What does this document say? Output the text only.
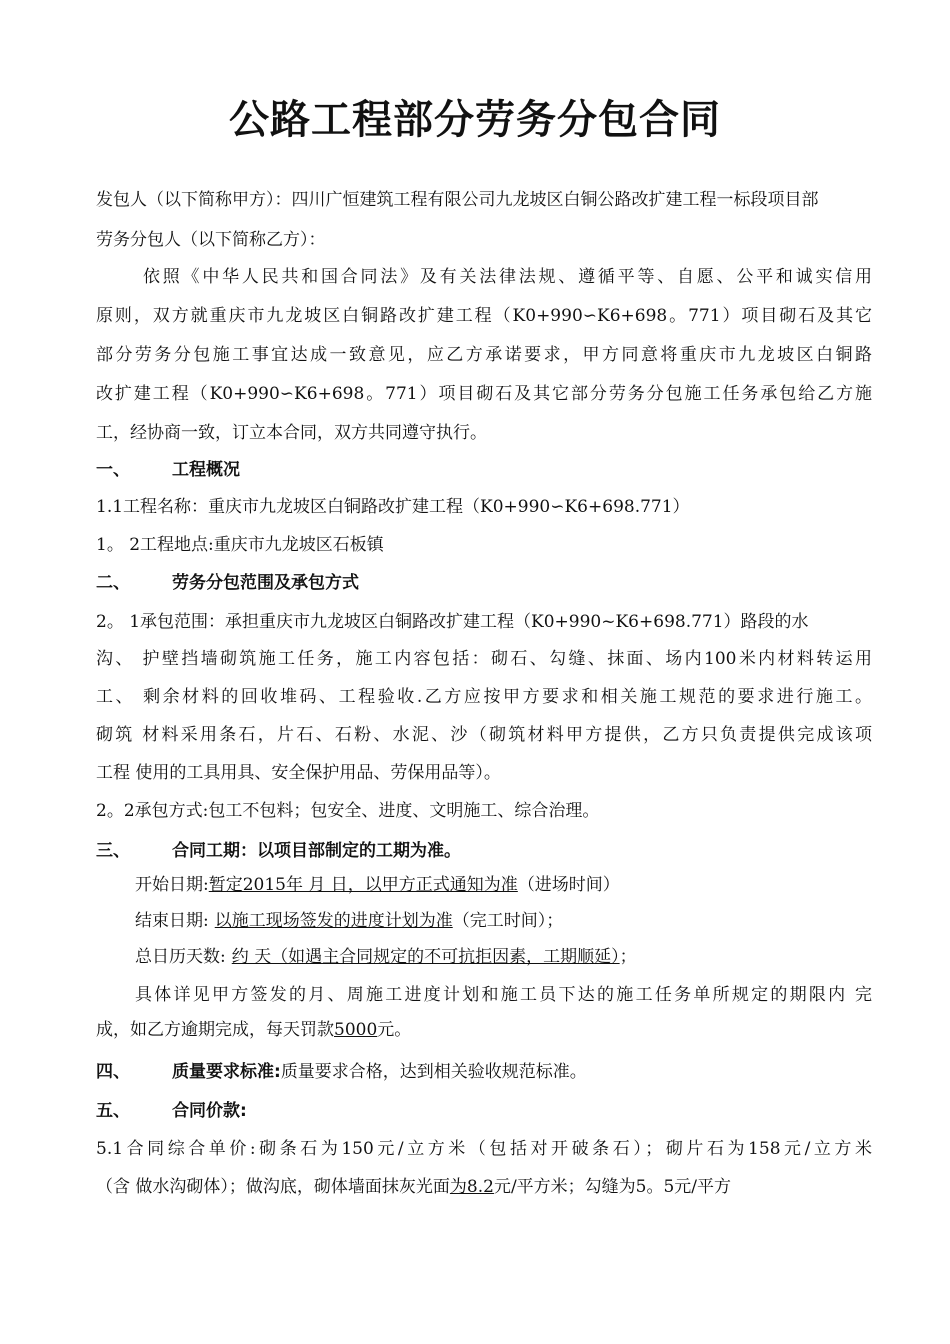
公路工程部分劳务分包合同
发包人（以下简称甲方）：四川广恒建筑工程有限公司九龙坡区白铜公路改扩建工程一标段项目部
劳务分包人（以下简称乙方）：
依照《中华人民共和国合同法》及有关法律法规、遵循平等、自愿、公平和诚实信用
原则，双方就重庆市九龙坡区白铜路改扩建工程（K0+990∽K6+698。771）项目砌石及其它
部分劳务分包施工事宜达成一致意见，应乙方承诺要求，甲方同意将重庆市九龙坡区白铜路
改扩建工程（K0+990∽K6+698。771）项目砌石及其它部分劳务分包施工任务承包给乙方施
工，经协商一致，订立本合同，双方共同遵守执行。
一、 工程概况
1.1工程名称：重庆市九龙坡区白铜路改扩建工程（K0+990∽K6+698.771）
1。 2工程地点:重庆市九龙坡区石板镇
二、 劳务分包范围及承包方式
2。 1承包范围：承担重庆市九龙坡区白铜路改扩建工程（K0+990~K6+698.771）路段的水
沟、 护壁挡墙砌筑施工任务，施工内容包括：砌石、勾缝、抹面、场内100米内材料转运用
工、 剩余材料的回收堆码、工程验收.乙方应按甲方要求和相关施工规范的要求进行施工。
砌筑 材料采用条石，片石、石粉、水泥、沙（砌筑材料甲方提供，乙方只负责提供完成该项
工程 使用的工具用具、安全保护用品、劳保用品等）。
2。2承包方式:包工不包料；包安全、进度、文明施工、综合治理。
三、 合同工期：以项目部制定的工期为准。
开始日期:暂定2015年 月 日，以甲方正式通知为准（进场时间）
结束日期: 以施工现场签发的进度计划为准（完工时间）；
总日历天数: 约 天（如遇主合同规定的不可抗拒因素，工期顺延）；
具体详见甲方签发的月、周施工进度计划和施工员下达的施工任务单所规定的期限内 完
成，如乙方逾期完成，每天罚款5000元。
四、 质量要求标准:质量要求合格，达到相关验收规范标准。
五、 合同价款:
5.1合同综合单价:砌条石为150元/立方米（包括对开破条石）；砌片石为158元/立方米
（含 做水沟砌体）；做沟底，砌体墙面抹灰光面为8.2元/平方米；勾缝为5。5元/平方
